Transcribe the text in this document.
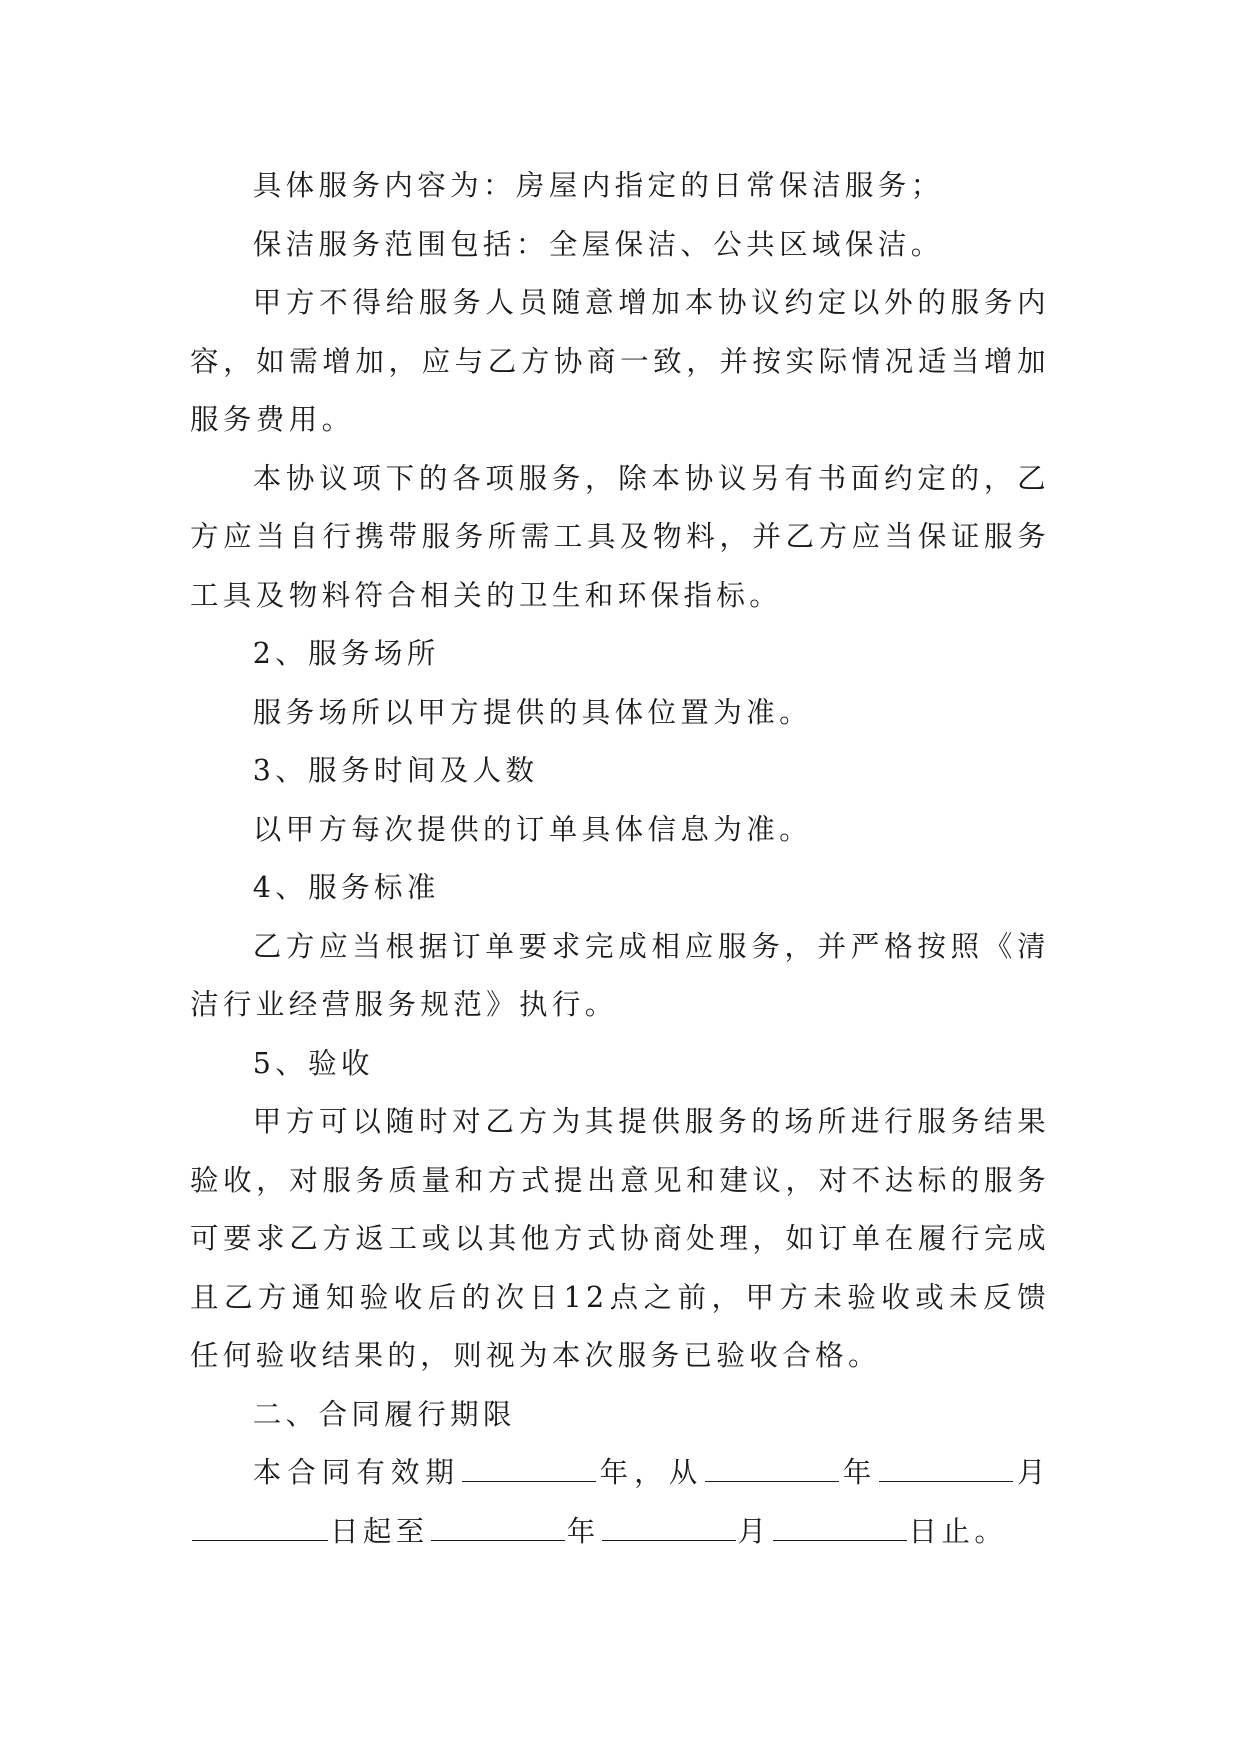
具体服务内容为：房屋内指定的日常保洁服务；

保洁服务范围包括：全屋保洁、公共区域保洁。

甲方不得给服务人员随意增加本协议约定以外的服务内容，如需增加，应与乙方协商一致，并按实际情况适当增加服务费用。

本协议项下的各项服务，除本协议另有书面约定的，乙方应当自行携带服务所需工具及物料，并乙方应当保证服务工具及物料符合相关的卫生和环保指标。

2、服务场所

服务场所以甲方提供的具体位置为准。

3、服务时间及人数

以甲方每次提供的订单具体信息为准。

4、服务标准

乙方应当根据订单要求完成相应服务，并严格按照《清洁行业经营服务规范》执行。

5、验收

甲方可以随时对乙方为其提供服务的场所进行服务结果验收，对服务质量和方式提出意见和建议，对不达标的服务可要求乙方返工或以其他方式协商处理，如订单在履行完成且乙方通知验收后的次日12点之前，甲方未验收或未反馈任何验收结果的，则视为本次服务已验收合格。

二、合同履行期限

本合同有效期	年，从	年	月日起至	年	月	日止。
